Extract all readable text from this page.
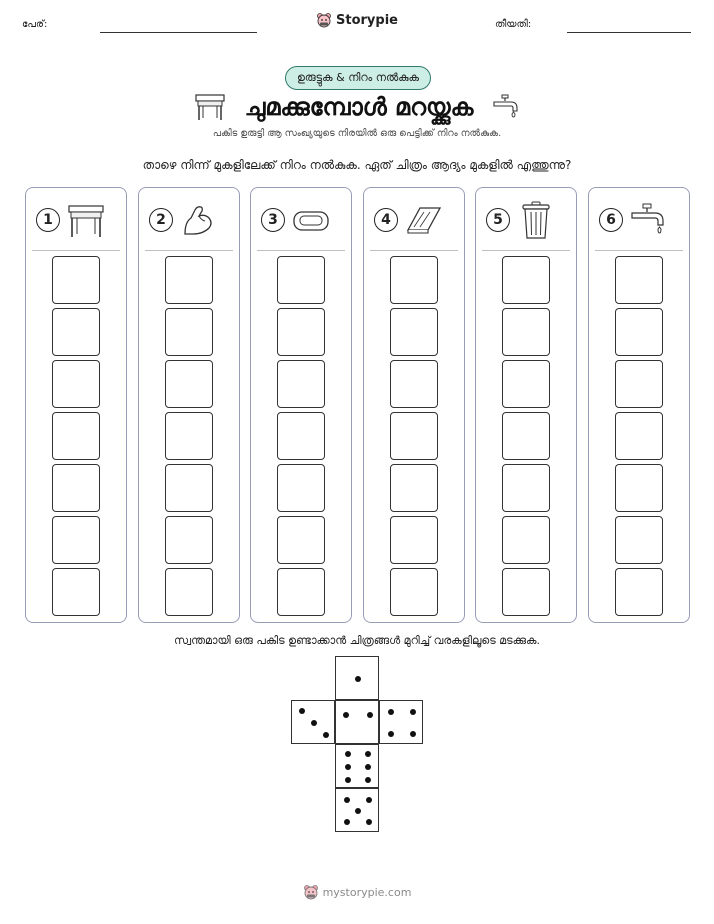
പേര്:	തീയതി:
Storypie
ഉരുട്ടുക & നിറം നൽകുക
ചുമക്കുമ്പോൾ മറയ്ക്കുക
പകിട ഉരുട്ടി ആ സംഖ്യയുടെ നിരയിൽ ഒരു പെട്ടിക്ക് നിറം നൽകുക.
താഴെ നിന്ന് മുകളിലേക്ക് നിറം നൽകുക. ഏത് ചിത്രം ആദ്യം മുകളിൽ എത്തുന്നു?
1	2	3	4	5	6
സ്വന്തമായി ഒരു പകിട ഉണ്ടാക്കാൻ ചിത്രങ്ങൾ മുറിച്ച് വരകളിലൂടെ മടക്കുക.
mystorypie.com
